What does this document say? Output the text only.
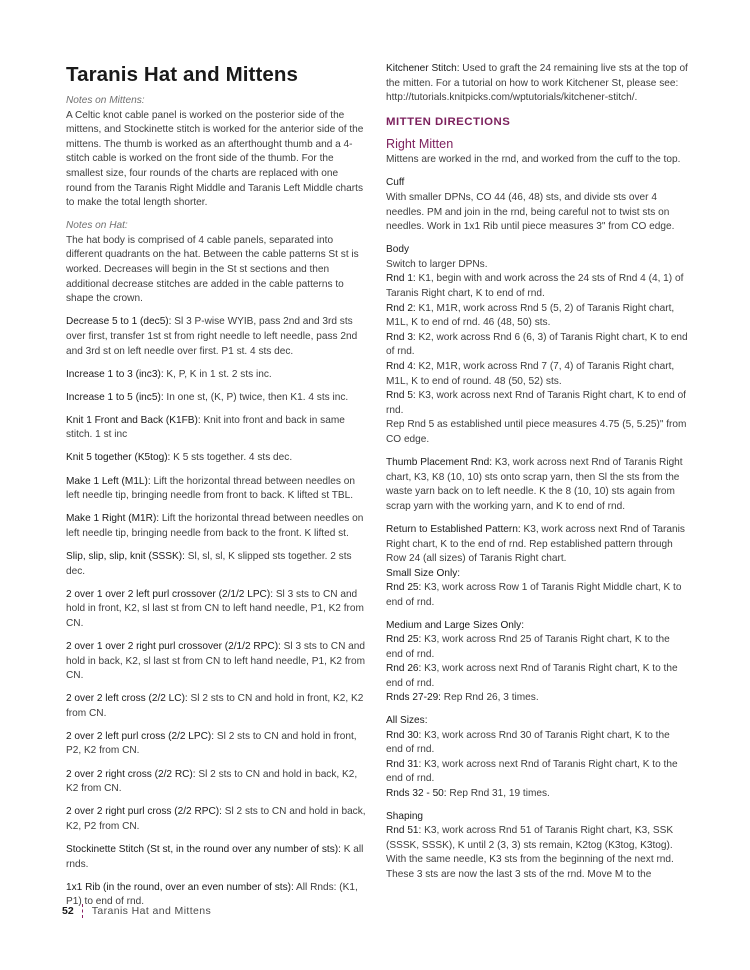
Taranis Hat and Mittens

Notes on Mittens:

A Celtic knot cable panel is worked on the posterior side of the mittens, and Stockinette stitch is worked for the anterior side of the mittens. The thumb is worked as an afterthought thumb and a 4-stitch cable is worked on the front side of the thumb. For the smallest size, four rounds of the charts are replaced with one round from the Taranis Right Middle and Taranis Left Middle charts to make the total length shorter.

Notes on Hat:

The hat body is comprised of 4 cable panels, separated into different quadrants on the hat. Between the cable patterns St st is worked. Decreases will begin in the St st sections and then additional decrease stitches are added in the cable patterns to shape the crown.

Decrease 5 to 1 (dec5): Sl 3 P-wise WYIB, pass 2nd and 3rd sts over first, transfer 1st st from right needle to left needle, pass 2nd and 3rd st on left needle over first. P1 st. 4 sts dec.

Increase 1 to 3 (inc3): K, P, K in 1 st. 2 sts inc.

Increase 1 to 5 (inc5): In one st, (K, P) twice, then K1. 4 sts inc.

Knit 1 Front and Back (K1FB): Knit into front and back in same stitch. 1 st inc

Knit 5 together (K5tog): K 5 sts together. 4 sts dec.

Make 1 Left (M1L): Lift the horizontal thread between needles on left needle tip, bringing needle from front to back. K lifted st TBL.

Make 1 Right (M1R): Lift the horizontal thread between needles on left needle tip, bringing needle from back to the front. K lifted st.

Slip, slip, slip, knit (SSSK): Sl, sl, sl, K slipped sts together. 2 sts dec.

2 over 1 over 2 left purl crossover (2/1/2 LPC): Sl 3 sts to CN and hold in front, K2, sl last st from CN to left hand needle, P1, K2 from CN.

2 over 1 over 2 right purl crossover (2/1/2 RPC): Sl 3 sts to CN and hold in back, K2, sl last st from CN to left hand needle, P1, K2 from CN.

2 over 2 left cross (2/2 LC): Sl 2 sts to CN and hold in front, K2, K2 from CN.

2 over 2 left purl cross (2/2 LPC): Sl 2 sts to CN and hold in front, P2, K2 from CN.

2 over 2 right cross (2/2 RC): Sl 2 sts to CN and hold in back, K2, K2 from CN.

2 over 2 right purl cross (2/2 RPC): Sl 2 sts to CN and hold in back, K2, P2 from CN.

Stockinette Stitch (St st, in the round over any number of sts): K all rnds.

1x1 Rib (in the round, over an even number of sts): All Rnds: (K1, P1) to end of rnd.

Kitchener Stitch: Used to graft the 24 remaining live sts at the top of the mitten. For a tutorial on how to work Kitchener St, please see: http://tutorials.knitpicks.com/wptutorials/kitchener-stitch/.

MITTEN DIRECTIONS
Right Mitten

Mittens are worked in the rnd, and worked from the cuff to the top.

Cuff

With smaller DPNs, CO 44 (46, 48) sts, and divide sts over 4 needles. PM and join in the rnd, being careful not to twist sts on needles. Work in 1x1 Rib until piece measures 3" from CO edge.

Body

Switch to larger DPNs.

Rnd 1: K1, begin with and work across the 24 sts of Rnd 4 (4, 1) of Taranis Right chart, K to end of rnd.

Rnd 2: K1, M1R, work across Rnd 5 (5, 2) of Taranis Right chart, M1L, K to end of rnd. 46 (48, 50) sts.

Rnd 3: K2, work across Rnd 6 (6, 3) of Taranis Right chart, K to end of rnd.

Rnd 4: K2, M1R, work across Rnd 7 (7, 4) of Taranis Right chart, M1L, K to end of round. 48 (50, 52) sts.

Rnd 5: K3, work across next Rnd of Taranis Right chart, K to end of rnd.

Rep Rnd 5 as established until piece measures 4.75 (5, 5.25)" from CO edge.

Thumb Placement Rnd: K3, work across next Rnd of Taranis Right chart, K3, K8 (10, 10) sts onto scrap yarn, then Sl the sts from the waste yarn back on to left needle. K the 8 (10, 10) sts again from scrap yarn with the working yarn, and K to end of rnd.

Return to Established Pattern: K3, work across next Rnd of Taranis Right chart, K to the end of rnd. Rep established pattern through Row 24 (all sizes) of Taranis Right chart.

Small Size Only:

Rnd 25: K3, work across Row 1 of Taranis Right Middle chart, K to end of rnd.

Medium and Large Sizes Only:

Rnd 25: K3, work across Rnd 25 of Taranis Right chart, K to the end of rnd.

Rnd 26: K3, work across next Rnd of Taranis Right chart, K to the end of rnd.

Rnds 27-29: Rep Rnd 26, 3 times.

All Sizes:

Rnd 30: K3, work across Rnd 30 of Taranis Right chart, K to the end of rnd.

Rnd 31: K3, work across next Rnd of Taranis Right chart, K to the end of rnd.

Rnds 32 - 50: Rep Rnd 31, 19 times.

Shaping

Rnd 51: K3, work across Rnd 51 of Taranis Right chart, K3, SSK (SSSK, SSSK), K until 2 (3, 3) sts remain, K2tog (K3tog, K3tog). With the same needle, K3 sts from the beginning of the next rnd. These 3 sts are now the last 3 sts of the rnd. Move M to the

52 Taranis Hat and Mittens
